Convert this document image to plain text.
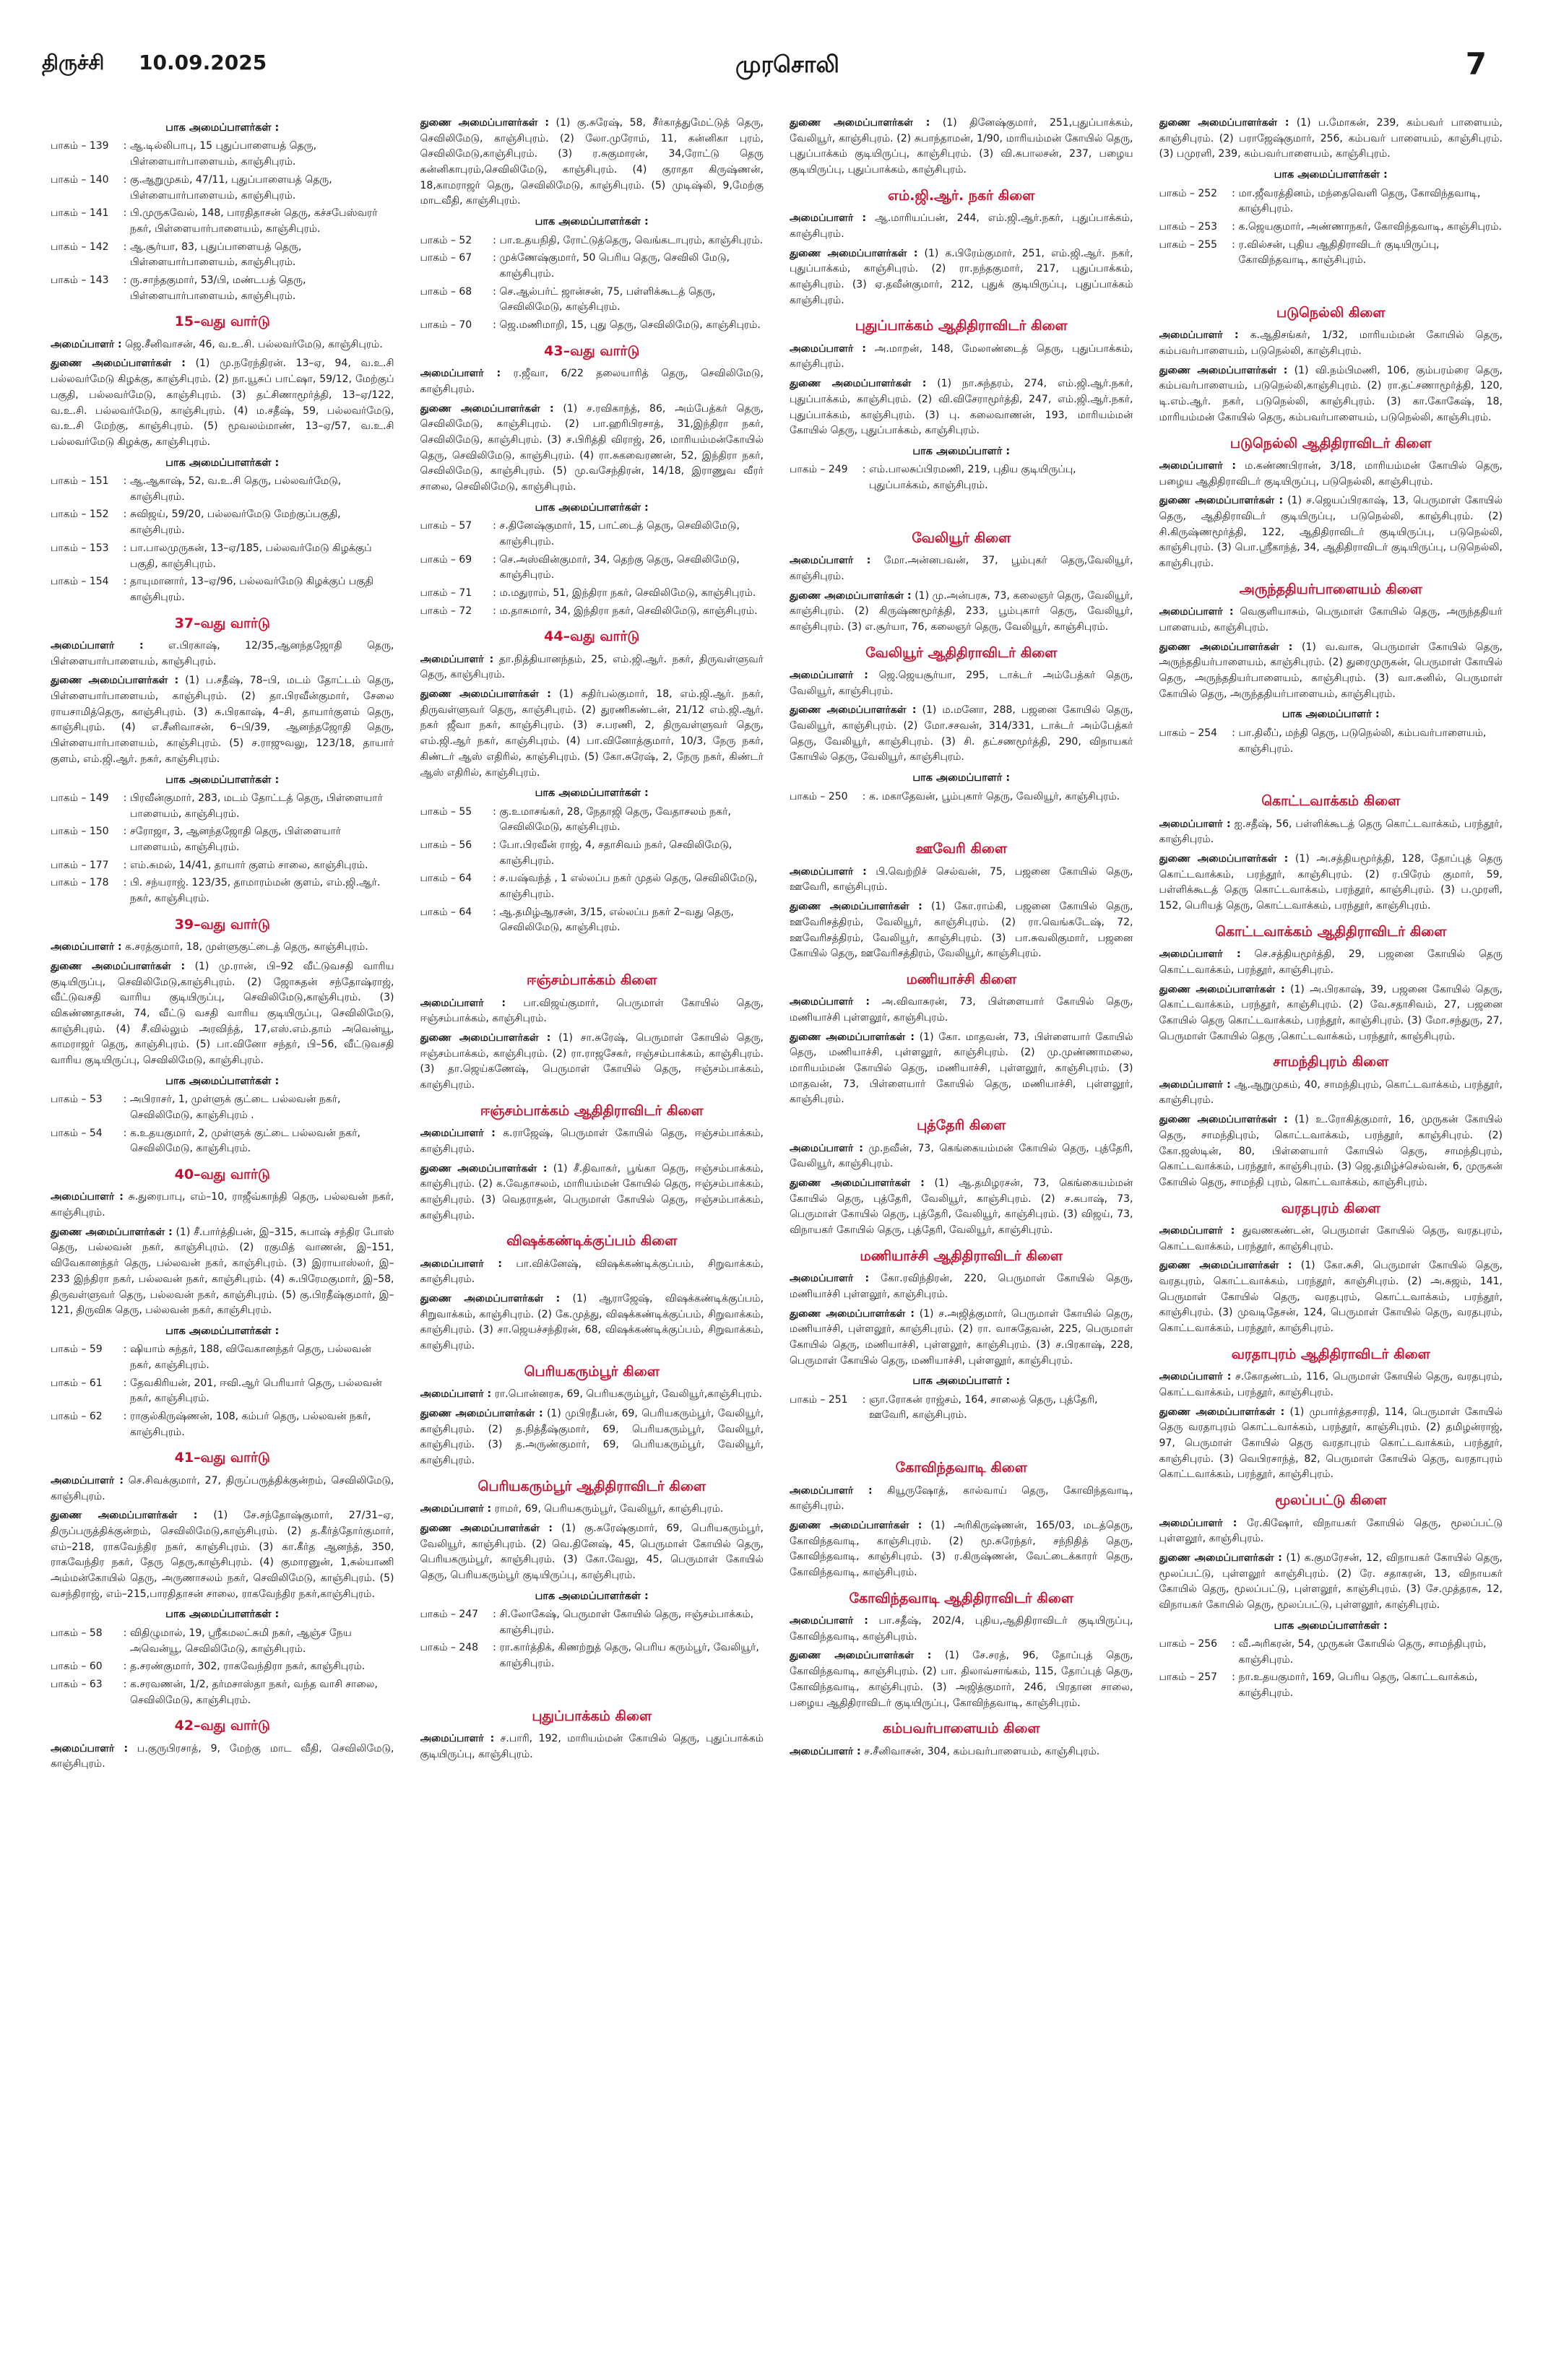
திருச்சி 10.09.2025	முரசொலி	7
பாக அமைப்பாளர்கள் :
பாகம் – 139	: ஆ.டில்லிபாபு, 15 புதுப்பாளையத் தெரு, பிள்ளையார்பாளையம், காஞ்சிபுரம்.
பாகம் – 140	: கு.ஆறுமுகம், 47/11, புதுப்பாளையத் தெரு, பிள்ளையார்பாளையம், காஞ்சிபுரம்.
பாகம் – 141	: பி.முருகவேல், 148, பாரதிதாசன் தெரு, கச்சபேஸ்வரர் நகர், பிள்ளையார்பாளையம், காஞ்சிபுரம்.
பாகம் – 142	: ஆ.சூர்யா, 83, புதுப்பாளையத் தெரு, பிள்ளையார்பாளையம், காஞ்சிபுரம்.
பாகம் – 143	: ரு.சாந்தகுமார், 53/பி, மண்டபத் தெரு, பிள்ளையார்பாளையம், காஞ்சிபுரம்.
15–வது வார்டு

அமைப்பாளர் : ஜெ.சீனிவாசன், 46, வ.உ.சி. பல்லவர்மேடு, காஞ்சிபுரம்.

துணை அமைப்பாளர்கள் : (1) மு.நரேந்திரன். 13–ஏ, 94, வ.உ.சி பல்லவர்மேடு கிழக்கு, காஞ்சிபுரம். (2) நா.யூசுப் பாட்ஷா, 59/12, மேற்குப் பகுதி, பல்லவர்மேடு, காஞ்சிபுரம். (3) தட்சிணாமூர்த்தி, 13–ஏ/122, வ.உ.சி. பல்லவர்மேடு, காஞ்சிபுரம். (4) ம.சதீஷ், 59, பல்லவர்மேடு, வ.உ.சி மேற்கு, காஞ்சிபுரம். (5) மூவலம்மாண், 13–ஏ/57, வ.உ.சி பல்லவர்மேடு கிழக்கு, காஞ்சிபுரம்.

பாக அமைப்பாளர்கள் :
பாகம் – 151	: ஆ.ஆகாஷ், 52, வ.உ.சி தெரு, பல்லவர்மேடு, காஞ்சிபுரம்.
பாகம் – 152	: சுவிஜய், 59/20, பல்லவர்மேடு மேற்குப்பகுதி, காஞ்சிபுரம்.
பாகம் – 153	: பா.பாலமுருகன், 13–ஏ/185, பல்லவர்மேடு கிழக்குப் பகுதி, காஞ்சிபுரம்.
பாகம் – 154	: தாயுமானார், 13–ஏ/96, பல்லவர்மேடு கிழக்குப் பகுதி காஞ்சிபுரம்.
37–வது வார்டு

அமைப்பாளர் : எ.பிரகாஷ், 12/35,ஆனந்தஜோதி தெரு, பிள்ளையார்பாளையம், காஞ்சிபுரம்.

துணை அமைப்பாளர்கள் : (1) ப.சதீஷ், 78–பி, மடம் தோட்டம் தெரு, பிள்ளையார்பாளையம், காஞ்சிபுரம். (2) தா.பிரவீன்குமார், சேலை ராயசாமித்தெரு, காஞ்சிபுரம். (3) சு.பிரகாஷ், 4–சி, தாயார்குளம் தெரு, காஞ்சிபுரம். (4) எ.சீனிவாசன், 6–பி/39, ஆனந்தஜோதி தெரு, பிள்ளையார்பாளையம், காஞ்சிபுரம். (5) ச.ராஜுவலு, 123/18, தாயார் குளம், எம்.ஜி.ஆர். நகர், காஞ்சிபுரம்.

பாக அமைப்பாளர்கள் :
பாகம் – 149	: பிரவீன்குமார், 283, மடம் தோட்டத் தெரு, பிள்ளையார் பாளையம், காஞ்சிபுரம்.
பாகம் – 150	: சரோஜா, 3, ஆனந்தஜோதி தெரு, பிள்ளையார் பாளையம், காஞ்சிபுரம்.
பாகம் – 177	: எம்.சுமல், 14/41, தாயார் குளம் சாலை, காஞ்சிபுரம்.
பாகம் – 178	: பி. சந்யராஜ். 123/35, தாமாரம்மன் குளம், எம்.ஜி.ஆர். நகர், காஞ்சிபுரம்.
39–வது வார்டு

அமைப்பாளர் : க.சரத்குமார், 18, முள்ளுகுட்டைத் தெரு, காஞ்சிபுரம்.

துணை அமைப்பாளர்கள் : (1) மு.ரான், பி–92 வீட்டுவசதி வாரிய குடியிருப்பு, செவிலிமேடு,காஞ்சிபுரம். (2) ஜோசுதன் சந்தோஷ்ராஜ், வீட்டுவசதி வாரிய குடியிருப்பு, செவிலிமேடு,காஞ்சிபுரம். (3) விகண்ணதாசன், 74, வீட்டு வசதி வாரிய குடியிருப்பு, செவிலிமேடு, காஞ்சிபுரம். (4) சீ.வில்லும் அரவிந்த், 17,எஸ்.எம்.தாம் அவென்யூ, காமராஜர் தெரு, காஞ்சிபுரம். (5) பா.வினோ சந்தர், பி–56, வீட்டுவசதி வாரிய குடியிருப்பு, செவிலிமேடு, காஞ்சிபுரம்.

பாக அமைப்பாளர்கள் :
பாகம் – 53	: அபிராசர், 1, முள்ளுக் குட்டை பல்லவன் நகர், செவிலிமேடு, காஞ்சிபுரம் .
பாகம் – 54	: க.உதயகுமார், 2, முள்ளுக் குட்டை பல்லவன் நகர், செவிலிமேடு, காஞ்சிபுரம்.
40–வது வார்டு

அமைப்பாளர் : சு.துரைபாபு, எம்–10, ராஜீவ்காந்தி தெரு, பல்லவன் நகர், காஞ்சிபுரம்.

துணை அமைப்பாளர்கள் : (1) சீ.பார்த்திபன், இ–315, சுபாஷ் சந்திர போஸ் தெரு, பல்லவன் நகர், காஞ்சிபுரம். (2) ரகுமித் வாணன், இ–151, விவேகானந்தர் தெரு, பல்லவன் நகர், காஞ்சிபுரம். (3) இராயாஸ்லர், இ–233 இந்திரா நகர், பல்லவன் நகர், காஞ்சிபுரம். (4) சு.பிரேமகுமார், இ–58, திருவள்ளுவர் தெரு, பல்லவன் நகர், காஞ்சிபுரம். (5) கு.பிரதீஷ்குமார், இ–121, திருவிக தெரு, பல்லவன் நகர், காஞ்சிபுரம்.

பாக அமைப்பாளர்கள் :
பாகம் – 59	: ஷியாம் சுந்தர், 188, விவேகானந்தர் தெரு, பல்லவன் நகர், காஞ்சிபுரம்.
பாகம் – 61	: தேவகிரியன், 201, ஈவி.ஆர் பெரியார் தெரு, பல்லவன் நகர், காஞ்சிபுரம்.
பாகம் – 62	: ராகுல்கிருஷ்ணன், 108, கம்பர் தெரு, பல்லவன் நகர், காஞ்சிபுரம்.
41–வது வார்டு

அமைப்பாளர் : செ.சிவக்குமார், 27, திருப்பருத்திக்குன்றம், செவிலிமேடு, காஞ்சிபுரம்.

துணை அமைப்பாளர்கள் : (1) சே.சந்தோஷ்குமார், 27/31–ஏ, திருப்பருத்திக்குன்றம், செவிலிமேடு,காஞ்சிபுரம். (2) த.கீர்த்தோர்குமார், எம்–218, ராகவேந்திர நகர், காஞ்சிபுரம். (3) கா.கீர்த ஆனந்த், 350, ராகவேந்திர நகர், தேரு தெரு,காஞ்சிபுரம். (4) குமாரனுன், 1,சுல்யாணி அம்மன்கோயில் தெரு, அருணாசலம் நகர், செவிலிமேடு, காஞ்சிபுரம். (5) வசந்திராஜ், எம்–215,பாரதிதாசன் சாலை, ராகவேந்திர நகர்,காஞ்சிபுரம்.

பாக அமைப்பாளர்கள் :
பாகம் – 58	: விதிழுமால், 19, ஸ்ரீகமலட்சுமி நகர், ஆஞ்ச நேய அவென்யூ, செவிலிமேடு, காஞ்சிபுரம்.
பாகம் – 60	: த.சரண்குமார், 302, ராகவேந்திரா நகர், காஞ்சிபுரம்.
பாகம் – 63	: க.சரவணன், 1/2, தர்மசாஸ்தா நகர், வந்த வாசி சாலை, செவிலிமேடு, காஞ்சிபுரம்.
42–வது வார்டு

அமைப்பாளர் : ப.குருபிரசாத், 9, மேற்கு மாட வீதி, செவிலிமேடு, காஞ்சிபுரம்.

துணை அமைப்பாளர்கள் : (1) கு.சுரேஷ், 58, சீர்காத்துமேட்டுத் தெரு, செவிலிமேடு, காஞ்சிபுரம். (2) லோ.முரோம், 11, கன்னிகா புரம், செவிலிமேடு,காஞ்சிபுரம். (3) ர.சுகுமாரன், 34,ரோட்டு தெரு கன்னிகாபுரம்,செவிலிமேடு, காஞ்சிபுரம். (4) குராதா கிருஷ்ணன், 18,காமராஜர் தெரு, செவிலிமேடு, காஞ்சிபுரம். (5) முடிஷ்லி, 9,மேற்கு மாடவீதி, காஞ்சிபுரம்.

பாக அமைப்பாளர்கள் :
பாகம் – 52	: பா.உதயநிதி, ரோட்டுத்தெரு, வெங்கடாபுரம், காஞ்சிபுரம்.
பாகம் – 67	: முக்ணேஷ்குமார், 50 பெரிய தெரு, செவிலி மேடு, காஞ்சிபுரம்.
பாகம் – 68	: செ.ஆல்பர்ட் ஜான்சன், 75, பள்ளிக்கூடத் தெரு, செவிலிமேடு, காஞ்சிபுரம்.
பாகம் – 70	: ஜெ.மணிமாறி, 15, புது தெரு, செவிலிமேடு, காஞ்சிபுரம்.
43–வது வார்டு

அமைப்பாளர் : ர.ஜீவா, 6/22 தலையாரித் தெரு, செவிலிமேடு, காஞ்சிபுரம்.

துணை அமைப்பாளர்கள் : (1) ச.ரவிகாந்த், 86, அம்பேத்கர் தெரு, செவிலிமேடு, காஞ்சிபுரம். (2) பா.ஹரிபிரசாத், 31,இந்திரா நகர், செவிலிமேடு, காஞ்சிபுரம். (3) ச.பிரித்தி விராஜ், 26, மாரியம்மன்கோயில் தெரு, செவிலிமேடு, காஞ்சிபுரம். (4) ரா.சுகவைரணன், 52, இந்திரா நகர், செவிலிமேடு, காஞ்சிபுரம். (5) மு.வசேந்திரன், 14/18, இராணுவ வீரர் சாலை, செவிலிமேடு, காஞ்சிபுரம்.

பாக அமைப்பாளர்கள் :
பாகம் – 57	: ச.தினேஷ்குமார், 15, பாட்டைத் தெரு, செவிலிமேடு, காஞ்சிபுரம்.
பாகம் – 69	: செ.அஸ்வின்குமார், 34, தெற்கு தெரு, செவிலிமேடு, காஞ்சிபுரம்.
பாகம் – 71	: ம.மதுராம், 51, இந்திரா நகர், செவிலிமேடு, காஞ்சிபுரம்.
பாகம் – 72	: ம.தாசுமார், 34, இந்திரா நகர், செவிலிமேடு, காஞ்சிபுரம்.
44–வது வார்டு

அமைப்பாளர் : தா.நித்தியானந்தம், 25, எம்.ஜி.ஆர். நகர், திருவள்ளுவர் தெரு, காஞ்சிபுரம்.

துணை அமைப்பாளர்கள் : (1) சுதிர்பல்குமார், 18, எம்.ஜி.ஆர். நகர், திருவள்ளுவர் தெரு, காஞ்சிபுரம். (2) துரணிகண்டன், 21/12 எம்.ஜி.ஆர். நகர் ஜீவா நகர், காஞ்சிபுரம். (3) ச.பரணி, 2, திருவள்ளுவர் தெரு, எம்.ஜி.ஆர் நகர், காஞ்சிபுரம். (4) பா.வினோத்குமார், 10/3, நேரு நகர், கிண்டர் ஆஸ் எதிரில், காஞ்சிபுரம். (5) கோ.சுரேஷ், 2, நேரு நகர், கிண்டர் ஆஸ் எதிரில், காஞ்சிபுரம்.

பாக அமைப்பாளர்கள் :
பாகம் – 55	: கு.உமாசங்கர், 28, நேதாஜி தெரு, வேதாசலம் நகர், செவிலிமேடு, காஞ்சிபுரம்.
பாகம் – 56	: போ.பிரவீன் ராஜ், 4, சதாசிவம் நகர், செவிலிமேடு, காஞ்சிபுரம்.
பாகம் – 64	: ச.யஷ்வந்த் , 1 எல்லப்ப நகர் முதல் தெரு, செவிலிமேடு, காஞ்சிபுரம்.
பாகம் – 64	: ஆ.தமிழ்ஆரசன், 3/15, எல்லப்ப நகர் 2–வது தெரு, செவிலிமேடு, காஞ்சிபுரம்.
ஈஞ்சம்பாக்கம் கிளை

அமைப்பாளர் : பா.விஜய்குமார், பெருமாள் கோயில் தெரு, ஈஞ்சம்பாக்கம், காஞ்சிபுரம்.

துணை அமைப்பாளர்கள் : (1) சா.சுரேஷ், பெருமாள் கோயில் தெரு, ஈஞ்சம்பாக்கம், காஞ்சிபுரம். (2) ரா.ராஜசேகர், ஈஞ்சம்பாக்கம், காஞ்சிபுரம். (3) தா.ஜெய்கணேஷ், பெருமாள் கோயில் தெரு, ஈஞ்சம்பாக்கம், காஞ்சிபுரம்.

ஈஞ்சம்பாக்கம் ஆதிதிராவிடர் கிளை

அமைப்பாளர் : க.ராஜேஷ், பெருமாள் கோயில் தெரு, ஈஞ்சம்பாக்கம், காஞ்சிபுரம்.

துணை அமைப்பாளர்கள் : (1) சீ.திவாகர், பூங்கா தெரு, ஈஞ்சம்பாக்கம், காஞ்சிபுரம். (2) க.வேதாசலம், மாரியம்மன் கோயில் தெரு, ஈஞ்சம்பாக்கம், காஞ்சிபுரம். (3) வெதராதன், பெருமாள் கோயில் தெரு, ஈஞ்சம்பாக்கம், காஞ்சிபுரம்.

விஷக்கண்டிக்குப்பம் கிளை

அமைப்பாளர் : பா.விக்னேஷ், விஷக்கண்டிக்குப்பம், சிறுவாக்கம், காஞ்சிபுரம்.

துணை அமைப்பாளர்கள் : (1) ஆராஜேஷ், விஷக்கண்டிக்குப்பம், சிறுவாக்கம், காஞ்சிபுரம். (2) கே.முத்து, விஷக்கண்டிக்குப்பம், சிறுவாக்கம், காஞ்சிபுரம். (3) சா.ஜெயச்சந்திரன், 68, விஷக்கண்டிக்குப்பம், சிறுவாக்கம், காஞ்சிபுரம்.

பெரியகரும்பூர் கிளை

அமைப்பாளர் : ரா.பொன்னரசு, 69, பெரியகரும்பூர், வேலியூர்,காஞ்சிபுரம்.

துணை அமைப்பாளர்கள் : (1) முபிரதீபன், 69, பெரியகரும்பூர், வேலியூர், காஞ்சிபுரம். (2) த.நித்தீஷ்குமார், 69, பெரியகரும்பூர், வேலியூர், காஞ்சிபுரம். (3) த.அருண்குமார், 69, பெரியகரும்பூர், வேலியூர், காஞ்சிபுரம்.

பெரியகரும்பூர் ஆதிதிராவிடர் கிளை

அமைப்பாளர் : ராமர், 69, பெரியகரும்பூர், வேலியூர், காஞ்சிபுரம்.

துணை அமைப்பாளர்கள் : (1) கு.சுரேஷ்குமார், 69, பெரியகரும்பூர், வேலியூர், காஞ்சிபுரம். (2) வெ.தினேஷ், 45, பெருமாள் கோயில் தெரு, பெரியகரும்பூர், காஞ்சிபுரம். (3) கோ.வேலு, 45, பெருமாள் கோயில் தெரு, பெரியகரும்பூர் குடியிருப்பு, காஞ்சிபுரம்.

பாக அமைப்பாளர்கள் :
பாகம் – 247	: சி.லோகேஷ், பெருமாள் கோயில் தெரு, ஈஞ்சம்பாக்கம், காஞ்சிபுரம்.
பாகம் – 248	: ரா.கார்த்திக், கிணற்றுத் தெரு, பெரிய கரும்பூர், வேலியூர், காஞ்சிபுரம்.
புதுப்பாக்கம் கிளை

அமைப்பாளர் : ச.பாரி, 192, மாரியம்மன் கோயில் தெரு, புதுப்பாக்கம் குடியிருப்பு, காஞ்சிபுரம்.

துணை அமைப்பாளர்கள் : (1) தினேஷ்குமார், 251,புதுப்பாக்கம், வேலியூர், காஞ்சிபுரம். (2) சுபாந்தாமன், 1/90, மாரியம்மன் கோயில் தெரு, புதுப்பாக்கம் குடியிருப்பு, காஞ்சிபுரம். (3) வி.சுபாலசன், 237, பழைய குடியிருப்பு, புதுப்பாக்கம், காஞ்சிபுரம்.

எம்.ஜி.ஆர். நகர் கிளை

அமைப்பாளர் : ஆ.மாரியப்பன், 244, எம்.ஜி.ஆர்.நகர், புதுப்பாக்கம், காஞ்சிபுரம்.

துணை அமைப்பாளர்கள் : (1) க.பிரேம்குமார், 251, எம்.ஜி.ஆர். நகர், புதுப்பாக்கம், காஞ்சிபுரம். (2) ரா.நந்தகுமார், 217, புதுப்பாக்கம், காஞ்சிபுரம். (3) ஏ.தவீன்குமார், 212, புதுக் குடியிருப்பு, புதுப்பாக்கம் காஞ்சிபுரம்.

புதுப்பாக்கம் ஆதிதிராவிடர் கிளை

அமைப்பாளர் : அ.மாறன், 148, மேலாண்டைத் தெரு, புதுப்பாக்கம், காஞ்சிபுரம்.

துணை அமைப்பாளர்கள் : (1) நா.சுந்தரம், 274, எம்.ஜி.ஆர்.நகர், புதுப்பாக்கம், காஞ்சிபுரம். (2) வி.விசேராமூர்த்தி, 247, எம்.ஜி.ஆர்.நகர், புதுப்பாக்கம், காஞ்சிபுரம். (3) பு. கலைவாணன், 193, மாரியம்மன் கோயில் தெரு, புதுப்பாக்கம், காஞ்சிபுரம்.

பாக அமைப்பாளர் :
பாகம் – 249	: எம்.பாலசுப்பிரமணி, 219, புதிய குடியிருப்பு, புதுப்பாக்கம், காஞ்சிபுரம்.
வேலியூர் கிளை

அமைப்பாளர் : மோ.அன்னபவன், 37, பூம்புகர் தெரு,வேலியூர், காஞ்சிபுரம்.

துணை அமைப்பாளர்கள் : (1) மு.அன்பரசு, 73, கலைஞர் தெரு, வேலியூர், காஞ்சிபுரம். (2) கிருஷ்ணமூர்த்தி, 233, பூம்புகார் தெரு, வேலியூர், காஞ்சிபுரம். (3) எ.சூர்யா, 76, கலைஞர் தெரு, வேலியூர், காஞ்சிபுரம்.

வேலியூர் ஆதிதிராவிடர் கிளை

அமைப்பாளர் : ஜெ.ஜெயசூர்யா, 295, டாக்டர் அம்பேத்கர் தெரு, வேலியூர், காஞ்சிபுரம்.

துணை அமைப்பாளர்கள் : (1) ம.மனோ, 288, பஜனை கோயில் தெரு, வேலியூர், காஞ்சிபுரம். (2) மோ.சசவன், 314/331, டாக்டர் அம்பேத்கர் தெரு, வேலியூர், காஞ்சிபுரம். (3) சி. தட்சணமூர்த்தி, 290, விநாயகர் கோயில் தெரு, வேலியூர், காஞ்சிபுரம்.

பாக அமைப்பாளர் :
பாகம் – 250	: க. மகாதேவன், பூம்புகார் தெரு, வேலியூர், காஞ்சிபுரம்.
ஊவேரி கிளை

அமைப்பாளர் : பி.வெற்றிச் செல்வன், 75, பஜனை கோயில் தெரு, ஊவேரி, காஞ்சிபுரம்.

துணை அமைப்பாளர்கள் : (1) கோ.ராம்கி, பஜனை கோயில் தெரு, ஊவேரிசத்திரம், வேலியூர், காஞ்சிபுரம். (2) ரா.வெங்கடேஷ், 72, ஊவேரிசத்திரம், வேலியூர், காஞ்சிபுரம். (3) பா.சுவலிகுமார், பஜனை கோயில் தெரு, ஊவேரிசத்திரம், வேலியூர், காஞ்சிபுரம்.

மணியாச்சி கிளை

அமைப்பாளர் : அ.விவாசுரன், 73, பிள்ளையார் கோயில் தெரு, மணியாச்சி புள்ளலூர், காஞ்சிபுரம்.

துணை அமைப்பாளர்கள் : (1) கோ. மாதவன், 73, பிள்ளையார் கோயில் தெரு, மணியாச்சி, புள்ளலூர், காஞ்சிபுரம். (2) மு.முண்ணாமலை, மாரியம்மன் கோயில் தெரு, மணியாச்சி, புள்ளலூர், காஞ்சிபுரம். (3) மாதவன், 73, பிள்ளையார் கோயில் தெரு, மணியாச்சி, புள்ளலூர், காஞ்சிபுரம்.

புத்தேரி கிளை

அமைப்பாளர் : மு.நவீன், 73, கெங்கையம்மன் கோயில் தெரு, புத்தேரி, வேலியூர், காஞ்சிபுரம்.

துணை அமைப்பாளர்கள் : (1) ஆ.தமிழரசன், 73, கெங்கையம்மன் கோயில் தெரு, புத்தேரி, வேலியூர், காஞ்சிபுரம். (2) ச.சுபாஷ், 73, பெருமாள் கோயில் தெரு, புத்தேரி, வேலியூர், காஞ்சிபுரம். (3) விஜய், 73, விநாயகர் கோயில் தெரு, புத்தேரி, வேலியூர், காஞ்சிபுரம்.

மணியாச்சி ஆதிதிராவிடர் கிளை

அமைப்பாளர் : கோ.ரவிந்திரன், 220, பெருமாள் கோயில் தெரு, மணியாச்சி புள்ளலூர், காஞ்சிபுரம்.

துணை அமைப்பாளர்கள் : (1) ச.அஜித்குமார், பெருமாள் கோயில் தெரு, மணியாச்சி, புள்ளலூர், காஞ்சிபுரம். (2) ரா. வாசுதேவன், 225, பெருமாள் கோயில் தெரு, மணியாச்சி, புள்ளலூர், காஞ்சிபுரம். (3) ச.பிரகாஷ், 228, பெருமாள் கோயில் தெரு, மணியாச்சி, புள்ளலூர், காஞ்சிபுரம்.

பாக அமைப்பாளர் :
பாகம் – 251	: ஞா.ரோகன் ராஜ்சம், 164, சாலைத் தெரு, புத்தேரி, ஊவேரி, காஞ்சிபுரம்.
கோவிந்தவாடி கிளை

அமைப்பாளர் : கியூருஷோத், கால்வாய் தெரு, கோவிந்தவாடி, காஞ்சிபுரம்.

துணை அமைப்பாளர்கள் : (1) அரிகிருஷ்ணன், 165/03, மடத்தெரு, கோவிந்தவாடி, காஞ்சிபுரம். (2) மூ.சுரேந்தர், சந்நிதித் தெரு, கோவிந்தவாடி, காஞ்சிபுரம். (3) ர.கிருஷ்ணன், வேட்டைக்காரர் தெரு, கோவிந்தவாடி, காஞ்சிபுரம்.

கோவிந்தவாடி ஆதிதிராவிடர் கிளை

அமைப்பாளர் : பா.சதீஷ், 202/4, புதிய,ஆதிதிராவிடர் குடியிருப்பு, கோவிந்தவாடி, காஞ்சிபுரம்.

துணை அமைப்பாளர்கள் : (1) சே.சரத், 96, தோப்புத் தெரு, கோவிந்தவாடி, காஞ்சிபுரம். (2) பா. திலாவ்சாங்கம், 115, தோப்புத் தெரு, கோவிந்தவாடி, காஞ்சிபுரம். (3) அஜித்குமார், 246, பிரதான சாலை, பழைய ஆதிதிராவிடர் குடியிருப்பு, கோவிந்தவாடி, காஞ்சிபுரம்.

கம்பவர்பாளையம் கிளை

அமைப்பாளர் : ச.சீனிவாசன், 304, கம்பவர்பாளையம், காஞ்சிபுரம்.

துணை அமைப்பாளர்கள் : (1) ப.மோகன், 239, கம்பவர் பாளையம், காஞ்சிபுரம். (2) பராஜேஷ்குமார், 256, கம்பவர் பாளையம், காஞ்சிபுரம். (3) பமுரளி, 239, கம்பவர்பாளையம், காஞ்சிபுரம்.

பாக அமைப்பாளர்கள் :
பாகம் – 252	: மா.ஜீவரத்தினம், மந்தைவெளி தெரு, கோவிந்தவாடி, காஞ்சிபுரம்.
பாகம் – 253	: க.ஜெயகுமார், அண்ணாநகர், கோவிந்தவாடி, காஞ்சிபுரம்.
பாகம் – 255	: ர.வில்சன், புதிய ஆதிதிராவிடர் குடியிருப்பு, கோவிந்தவாடி, காஞ்சிபுரம்.
படுநெல்லி கிளை

அமைப்பாளர் : க.ஆதிசங்கர், 1/32, மாரியம்மன் கோயில் தெரு, கம்பவர்பாளையம், படுநெல்லி, காஞ்சிபுரம்.

துணை அமைப்பாளர்கள் : (1) வி.நம்பிமணி, 106, கும்பரம்ரை தெரு, கம்பவர்பாளையம், படுநெல்லி,காஞ்சிபுரம். (2) ரா.தட்சணாமூர்த்தி, 120, டி.எம்.ஆர். நகர், படுநெல்லி, காஞ்சிபுரம். (3) கா.கோகேஷ், 18, மாரியம்மன் கோயில் தெரு, கம்பவர்பாளையம், படுநெல்லி, காஞ்சிபுரம்.

படுநெல்லி ஆதிதிராவிடர் கிளை

அமைப்பாளர் : ம.கண்ணபிரான், 3/18, மாரியம்மன் கோயில் தெரு, பழைய ஆதிதிராவிடர் குடியிருப்பு, படுநெல்லி, காஞ்சிபுரம்.

துணை அமைப்பாளர்கள் : (1) ச.ஜெயப்பிரகாஷ், 13, பெருமாள் கோயில் தெரு, ஆதிதிராவிடர் குடியிருப்பு, படுநெல்லி, காஞ்சிபுரம். (2) சி.கிருஷ்ணமூர்த்தி, 122, ஆதிதிராவிடர் குடியிருப்பு, படுநெல்லி, காஞ்சிபுரம். (3) பொ.ஸ்ரீகாந்த், 34, ஆதிதிராவிடர் குடியிருப்பு, படுநெல்லி, காஞ்சிபுரம்.

அருந்ததியர்பாளையம் கிளை

அமைப்பாளர் : வெகுளியாசும், பெருமாள் கோயில் தெரு, அருந்ததியர் பாளையம், காஞ்சிபுரம்.

துணை அமைப்பாளர்கள் : (1) வ.வாசு, பெருமாள் கோயில் தெரு, அருந்ததியர்பாளையம், காஞ்சிபுரம். (2) துரைமுருகன், பெருமாள் கோயில் தெரு, அருந்ததியர்பாளையம், காஞ்சிபுரம். (3) வா.சுனில், பெருமாள் கோயில் தெரு, அருந்ததியர்பாளையம், காஞ்சிபுரம்.

பாக அமைப்பாளர் :
பாகம் – 254	: பா.திலீப், மந்தி தெரு, படுநெல்லி, கம்பவர்பாளையம், காஞ்சிபுரம்.
கொட்டவாக்கம் கிளை

அமைப்பாளர் : ஐ.சதீஷ், 56, பள்ளிக்கூடத் தெரு கொட்டவாக்கம், பரந்தூர், காஞ்சிபுரம்.

துணை அமைப்பாளர்கள் : (1) அ.சத்தியமூர்த்தி, 128, தோப்புத் தெரு கொட்டவாக்கம், பரந்தூர், காஞ்சிபுரம். (2) ர.பிரேம் குமார், 59, பள்ளிக்கூடத் தெரு கொட்டவாக்கம், பரந்தூர், காஞ்சிபுரம். (3) ப.முரளி, 152, பெரியத் தெரு, கொட்டவாக்கம், பரந்தூர், காஞ்சிபுரம்.

கொட்டவாக்கம் ஆதிதிராவிடர் கிளை

அமைப்பாளர் : செ.சத்தியமூர்த்தி, 29, பஜனை கோயில் தெரு கொட்டவாக்கம், பரந்தூர், காஞ்சிபுரம்.

துணை அமைப்பாளர்கள் : (1) அ.பிரகாஷ், 39, பஜனை கோயில் தெரு, கொட்டவாக்கம், பரந்தூர், காஞ்சிபுரம். (2) வே.சதாசிவம், 27, பஜனை கோயில் தெரு கொட்டவாக்கம், பரந்தூர், காஞ்சிபுரம். (3) மோ.சந்துரு, 27, பெருமாள் கோயில் தெரு ,கொட்டவாக்கம், பரந்தூர், காஞ்சிபுரம்.

சாமந்திபுரம் கிளை

அமைப்பாளர் : ஆ.ஆறுமுகம், 40, சாமந்திபுரம், கொட்டவாக்கம், பரந்தூர், காஞ்சிபுரம்.

துணை அமைப்பாளர்கள் : (1) உ.ரோகித்குமார், 16, முருகன் கோயில் தெரு, சாமந்திபுரம், கொட்டவாக்கம், பரந்தூர், காஞ்சிபுரம். (2) கோ.ஜஸ்டின், 80, பிள்ளையார் கோயில் தெரு, சாமந்திபுரம், கொட்டவாக்கம், பரந்தூர், காஞ்சிபுரம். (3) ஜெ.தமிழ்ச்செல்வன், 6, முருகன் கோயில் தெரு, சாமந்தி புரம், கொட்டவாக்கம், காஞ்சிபுரம்.

வரதபுரம் கிளை

அமைப்பாளர் : துவணகண்டன், பெருமாள் கோயில் தெரு, வரதபுரம், கொட்டவாக்கம், பரந்தூர், காஞ்சிபுரம்.

துணை அமைப்பாளர்கள் : (1) கோ.சுசி, பெருமாள் கோயில் தெரு, வரதபுரம், கொட்டவாக்கம், பரந்தூர், காஞ்சிபுரம். (2) அ.சுஜம், 141, பெருமாள் கோயில் தெரு, வரதபுரம், கொட்டவாக்கம், பரந்தூர், காஞ்சிபுரம். (3) முவடிதேசன், 124, பெருமாள் கோயில் தெரு, வரதபுரம், கொட்டவாக்கம், பரந்தூர், காஞ்சிபுரம்.

வரதாபுரம் ஆதிதிராவிடர் கிளை

அமைப்பாளர் : ச.கோதண்டம், 116, பெருமாள் கோயில் தெரு, வரதபுரம், கொட்டவாக்கம், பரந்தூர், காஞ்சிபுரம்.

துணை அமைப்பாளர்கள் : (1) முபார்த்தசாரதி, 114, பெருமாள் கோயில் தெரு வரதாபுரம் கொட்டவாக்கம், பரந்தூர், காஞ்சிபுரம். (2) தமிழன்ராஜ், 97, பெருமாள் கோயில் தெரு வரதாபுரம் கொட்டவாக்கம், பரந்தூர், காஞ்சிபுரம். (3) வெபிரசாந்த், 82, பெருமாள் கோயில் தெரு, வரதாபுரம் கொட்டவாக்கம், பரந்தூர், காஞ்சிபுரம்.

மூலப்பட்டு கிளை

அமைப்பாளர் : ரே.கிஷோர், விநாயகர் கோயில் தெரு, மூலப்பட்டு புள்ளலூர், காஞ்சிபுரம்.

துணை அமைப்பாளர்கள் : (1) க.குமரேசன், 12, விநாயகர் கோயில் தெரு, மூலப்பட்டு, புள்ளலூர் காஞ்சிபுரம். (2) ரே. சதாகரன், 13, விநாயகர் கோயில் தெரு, மூலப்பட்டு, புள்ளலூர், காஞ்சிபுரம். (3) சே.முத்தரசு, 12, விநாயகர் கோயில் தெரு, மூலப்பட்டு, புள்ளலூர், காஞ்சிபுரம்.

பாக அமைப்பாளர்கள் :
பாகம் – 256	: வீ.அரிகரன், 54, முருகன் கோயில் தெரு, சாமந்திபுரம், காஞ்சிபுரம்.
பாகம் – 257	: நா.உதயகுமார், 169, பெரிய தெரு, கொட்டவாக்கம், காஞ்சிபுரம்.
